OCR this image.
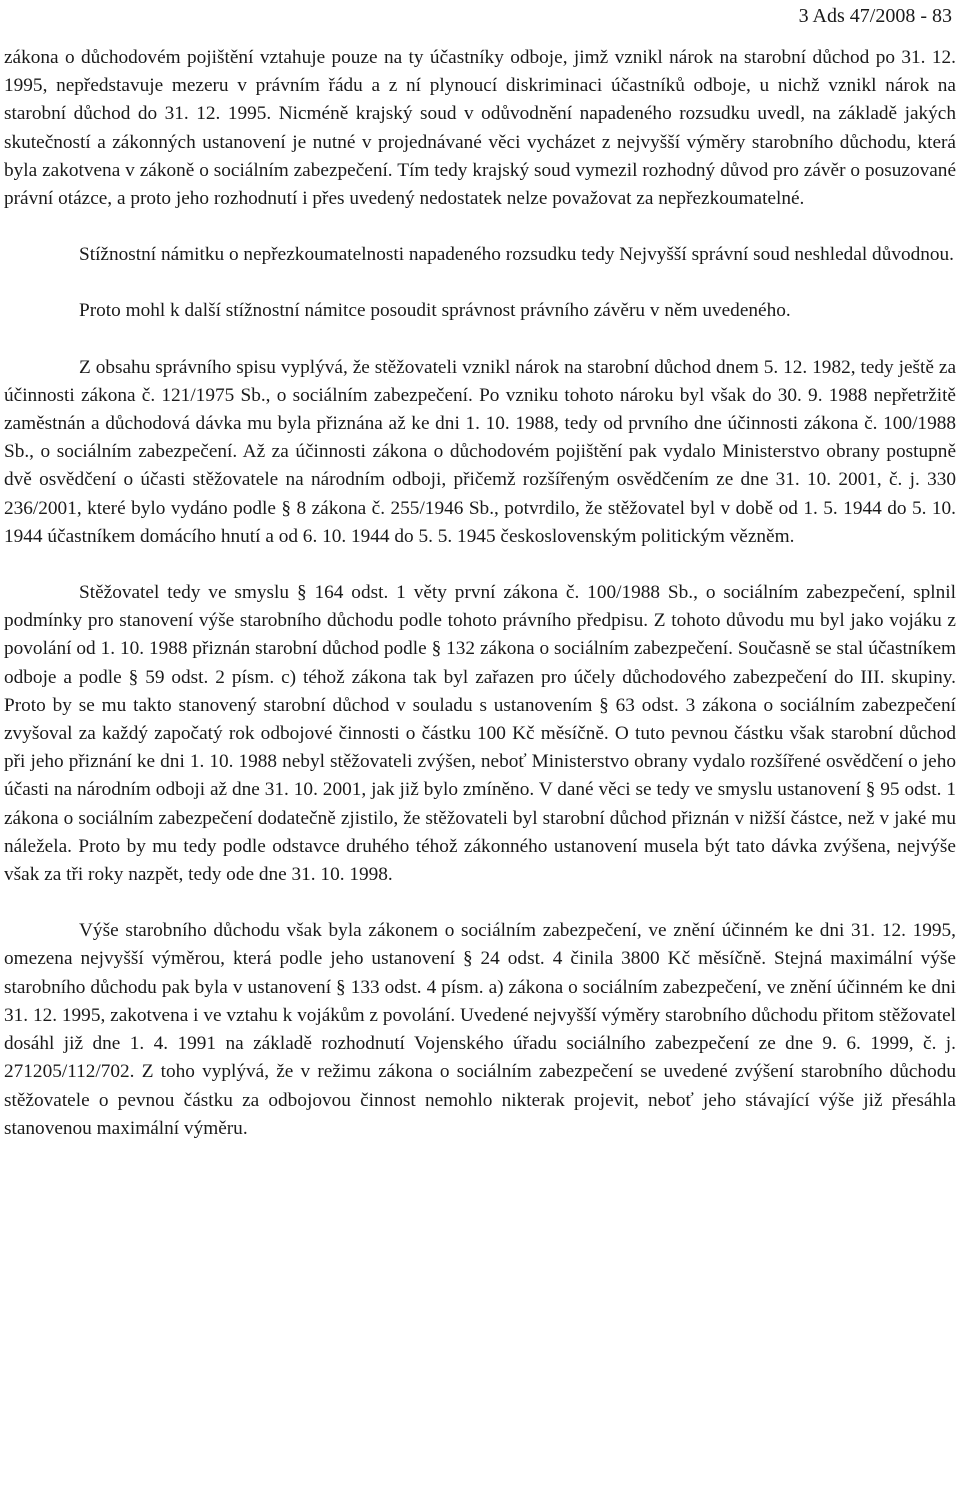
3 Ads 47/2008 - 83

zákona o důchodovém pojištění vztahuje pouze na ty účastníky odboje, jimž vznikl nárok na starobní důchod po 31. 12. 1995, nepředstavuje mezeru v právním řádu a z ní plynoucí diskriminaci účastníků odboje, u nichž vznikl nárok na starobní důchod do 31. 12. 1995. Nicméně krajský soud v odůvodnění napadeného rozsudku uvedl, na základě jakých skutečností a zákonných ustanovení je nutné v projednávané věci vycházet z nejvyšší výměry starobního důchodu, která byla zakotvena v zákoně o sociálním zabezpečení. Tím tedy krajský soud vymezil rozhodný důvod pro závěr o posuzované právní otázce, a proto jeho rozhodnutí i přes uvedený nedostatek nelze považovat za nepřezkoumatelné.

Stížnostní námitku o nepřezkoumatelnosti napadeného rozsudku tedy Nejvyšší správní soud neshledal důvodnou.

Proto mohl k další stížnostní námitce posoudit správnost právního závěru v něm uvedeného.

Z obsahu správního spisu vyplývá, že stěžovateli vznikl nárok na starobní důchod dnem 5. 12. 1982, tedy ještě za účinnosti zákona č. 121/1975 Sb., o sociálním zabezpečení. Po vzniku tohoto nároku byl však do 30. 9. 1988 nepřetržitě zaměstnán a důchodová dávka mu byla přiznána až ke dni 1. 10. 1988, tedy od prvního dne účinnosti zákona č. 100/1988 Sb., o sociálním zabezpečení. Až za účinnosti zákona o důchodovém pojištění pak vydalo Ministerstvo obrany postupně dvě osvědčení o účasti stěžovatele na národním odboji, přičemž rozšířeným osvědčením ze dne 31. 10. 2001, č. j. 330 236/2001, které bylo vydáno podle § 8 zákona č. 255/1946 Sb., potvrdilo, že stěžovatel byl v době od 1. 5. 1944 do 5. 10. 1944 účastníkem domácího hnutí a od 6. 10. 1944 do 5. 5. 1945 československým politickým vězněm.

Stěžovatel tedy ve smyslu § 164 odst. 1 věty první zákona č. 100/1988 Sb., o sociálním zabezpečení, splnil podmínky pro stanovení výše starobního důchodu podle tohoto právního předpisu. Z tohoto důvodu mu byl jako vojáku z povolání od 1. 10. 1988 přiznán starobní důchod podle § 132 zákona o sociálním zabezpečení. Současně se stal účastníkem odboje a podle § 59 odst. 2 písm. c) téhož zákona tak byl zařazen pro účely důchodového zabezpečení do III. skupiny. Proto by se mu takto stanovený starobní důchod v souladu s ustanovením § 63 odst. 3 zákona o sociálním zabezpečení zvyšoval za každý započatý rok odbojové činnosti o částku 100 Kč měsíčně. O tuto pevnou částku však starobní důchod při jeho přiznání ke dni 1. 10. 1988 nebyl stěžovateli zvýšen, neboť Ministerstvo obrany vydalo rozšířené osvědčení o jeho účasti na národním odboji až dne 31. 10. 2001, jak již bylo zmíněno. V dané věci se tedy ve smyslu ustanovení § 95 odst. 1 zákona o sociálním zabezpečení dodatečně zjistilo, že stěžovateli byl starobní důchod přiznán v nižší částce, než v jaké mu náležela. Proto by mu tedy podle odstavce druhého téhož zákonného ustanovení musela být tato dávka zvýšena, nejvýše však za tři roky nazpět, tedy ode dne 31. 10. 1998.

Výše starobního důchodu však byla zákonem o sociálním zabezpečení, ve znění účinném ke dni 31. 12. 1995, omezena nejvyšší výměrou, která podle jeho ustanovení § 24 odst. 4 činila 3800 Kč měsíčně. Stejná maximální výše starobního důchodu pak byla v ustanovení § 133 odst. 4 písm. a) zákona o sociálním zabezpečení, ve znění účinném ke dni 31. 12. 1995, zakotvena i ve vztahu k vojákům z povolání. Uvedené nejvyšší výměry starobního důchodu přitom stěžovatel dosáhl již dne 1. 4. 1991 na základě rozhodnutí Vojenského úřadu sociálního zabezpečení ze dne 9. 6. 1999, č. j. 271205/112/702. Z toho vyplývá, že v režimu zákona o sociálním zabezpečení se uvedené zvýšení starobního důchodu stěžovatele o pevnou částku za odbojovou činnost nemohlo nikterak projevit, neboť jeho stávající výše již přesáhla stanovenou maximální výměru.
